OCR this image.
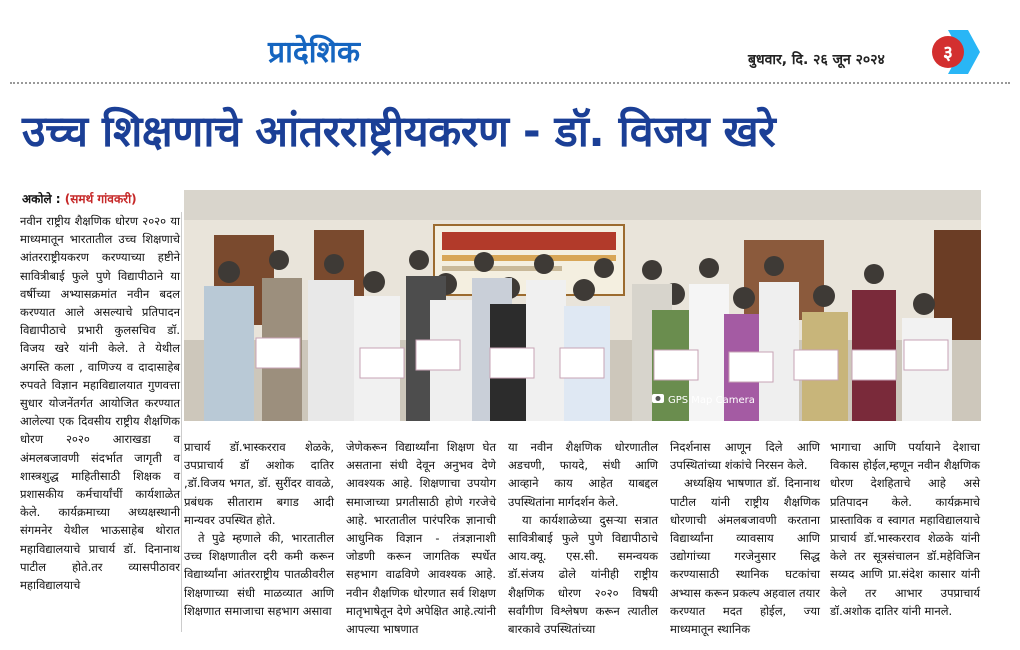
प्रादेशिक	बुधवार, दि. २६ जून २०२४	३
उच्च शिक्षणाचे आंतरराष्ट्रीयकरण - डॉ. विजय खरे
अकोले : (समर्थ गांवकरी)
नवीन राष्ट्रीय शैक्षणिक धोरण २०२० या माध्यमातून भारतातील उच्च शिक्षणाचे आंतरराष्ट्रीयकरण करण्याच्या हष्टीने सावित्रीबाई फुले पुणे विद्यापीठाने या वर्षीच्या अभ्यासक्रमांत नवीन बदल करण्यात आले असल्याचे प्रतिपादन विद्यापीठाचे प्रभारी कुलसचिव डॉ. विजय खरे यांनी केले. ते येथील अगस्ति कला , वाणिज्य व दादासाहेब रुपवते विज्ञान महाविद्यालयात गुणवत्ता सुधार योजनेंतर्गत आयोजित करण्यात आलेल्या एक दिवसीय राष्ट्रीय शैक्षणिक धोरण २०२० आराखडा व अंमलबजावणी संदर्भात जागृती व शास्त्रशुद्ध माहितीसाठी शिक्षक व प्रशासकीय कर्मचार्यांचीं कार्यशाळेत केले. कार्यक्रमाच्या अध्यक्षस्थानी संगमनेर येथील भाऊसाहेब थोरात महाविद्यालयाचे प्राचार्य डॉ. दिनानाथ पाटील होते.तर व्यासपीठावर महाविद्यालयाचे
GPS Map Camera

प्राचार्य डॉ.भास्करराव शेळके, उपप्राचार्य डॉ अशोक दातिर ,डॉ.विजय भगत, डॉ. सुरींदर वावळे, प्रबंधक सीताराम बगाड आदी मान्यवर उपस्थित होते.

ते पुढे म्हणाले की, भारतातील उच्च शिक्षणातील दरी कमी करून विद्यार्थ्यांना आंतरराष्ट्रीय पातळीवरील शिक्षणाच्या संधी माळव्यात आणि शिक्षणात समाजाचा सहभाग असावा

जेणेकरून विद्यार्थ्यांना शिक्षण घेत असताना संधी देवून अनुभव देणे आवश्यक आहे. शिक्षणाचा उपयोग समाजाच्या प्रगतीसाठी होणे गरजेचे आहे. भारतातील पारंपरिक ज्ञानाची आधुनिक विज्ञान - तंत्रज्ञानाशी जोडणी करून जागतिक स्पर्धेत सहभाग वाढविणे आवश्यक आहे. नवीन शैक्षणिक धोरणात सर्व शिक्षण मातृभाषेतून देणे अपेक्षित आहे.त्यांनी आपल्या भाषणात

या नवीन शैक्षणिक धोरणातील अडचणी, फायदे, संधी आणि आव्हाने काय आहेत याबद्दल उपस्थितांना मार्गदर्शन केले.

या कार्यशाळेच्या दुसऱ्या सत्रात सावित्रीबाई फुले पुणे विद्यापीठाचे आय.क्यू. एस.सी. समन्वयक डॉ.संजय ढोले यांनीही राष्ट्रीय शैक्षणिक धोरण २०२० विषयी सर्वांगीण विश्लेषण करून त्यातील बारकावे उपस्थितांच्या

निदर्शनास आणून दिले आणि उपस्थितांच्या शंकांचे निरसन केले.

अध्यक्षिय भाषणात डॉ. दिनानाथ पाटील यांनी राष्ट्रीय शैक्षणिक धोरणाची अंमलबजावणी करताना विद्यार्थ्यांना व्यावसाय आणि उद्योगांच्या गरजेनुसार सिद्ध करण्यासाठी स्थानिक घटकांचा अभ्यास करून प्रकल्प अहवाल तयार करण्यात मदत होईल, ज्या माध्यमातून स्थानिक

भागाचा आणि पर्यायाने देशाचा विकास होईल,म्हणून नवीन शैक्षणिक धोरण देशहिताचे आहे असे प्रतिपादन केले. कार्यक्रमाचे प्रास्ताविक व स्वागत महाविद्यालयाचे प्राचार्य डॉ.भास्करराव शेळके यांनी केले तर सूत्रसंचालन डॉ.महेविजिन सय्यद आणि प्रा.संदेश कासार यांनी केले तर आभार उपप्राचार्य डॉ.अशोक दातिर यांनी मानले.
